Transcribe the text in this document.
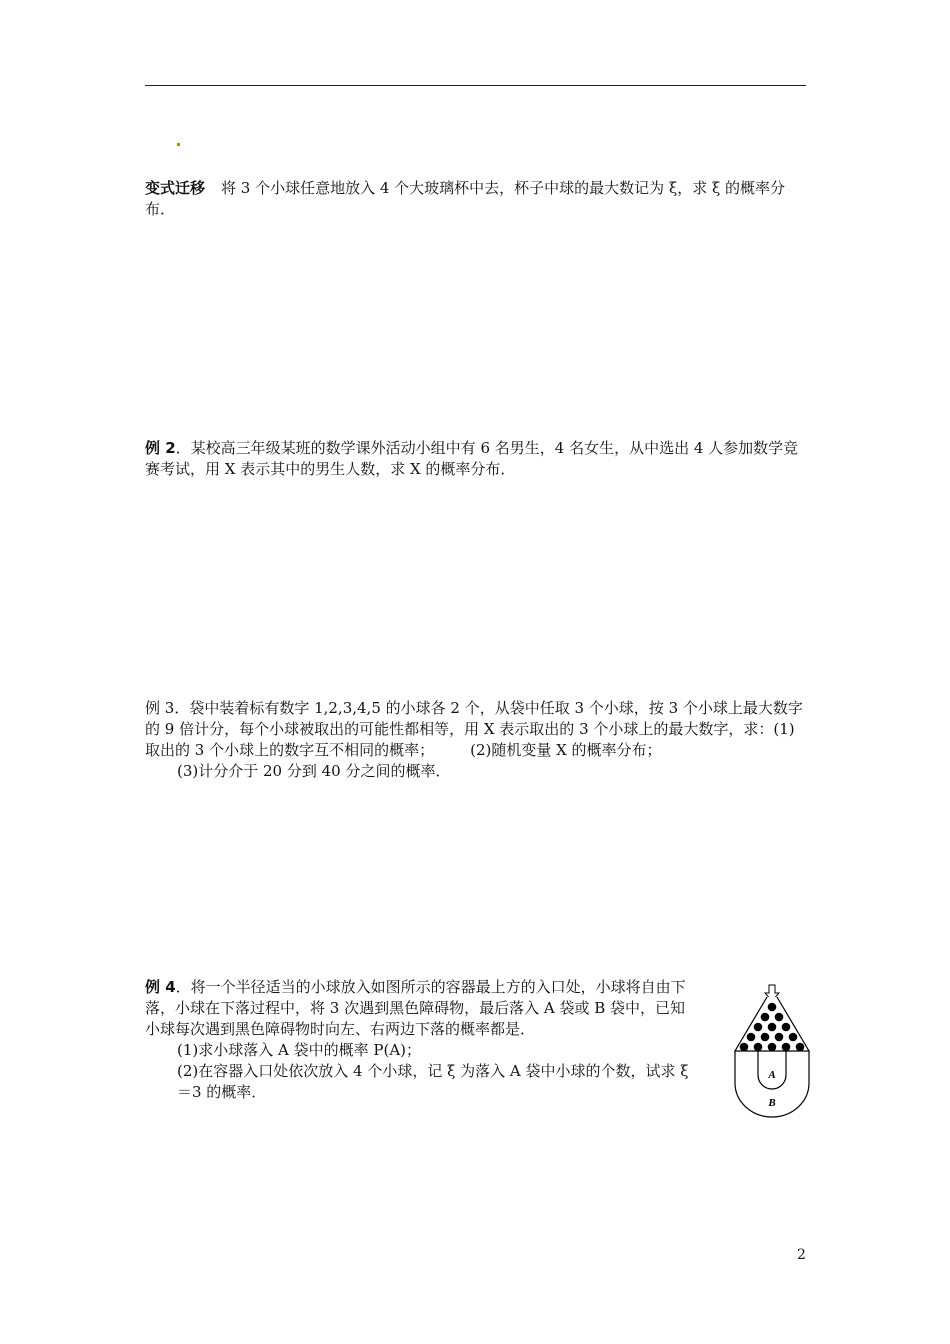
变式迁移 将 3 个小球任意地放入 4 个大玻璃杯中去，杯子中球的最大数记为 ξ，求 ξ 的概率分布．

例 2．某校高三年级某班的数学课外活动小组中有 6 名男生，4 名女生，从中选出 4 人参加数学竞赛考试，用 X 表示其中的男生人数，求 X 的概率分布．

例 3．袋中装着标有数字 1,2,3,4,5 的小球各 2 个，从袋中任取 3 个小球，按 3 个小球上最大数字的 9 倍计分，每个小球被取出的可能性都相等，用 X 表示取出的 3 个小球上的最大数字，求：(1)取出的 3 个小球上的数字互不相同的概率； (2)随机变量 X 的概率分布；

(3)计分介于 20 分到 40 分之间的概率．

例 4．将一个半径适当的小球放入如图所示的容器最上方的入口处，小球将自由下落，小球在下落过程中，将 3 次遇到黑色障碍物，最后落入 A 袋或 B 袋中，已知小球每次遇到黑色障碍物时向左、右两边下落的概率都是．

(1)求小球落入 A 袋中的概率 P(A)；

(2)在容器入口处依次放入 4 个小球，记 ξ 为落入 A 袋中小球的个数，试求 ξ＝3 的概率．

A
B
2
